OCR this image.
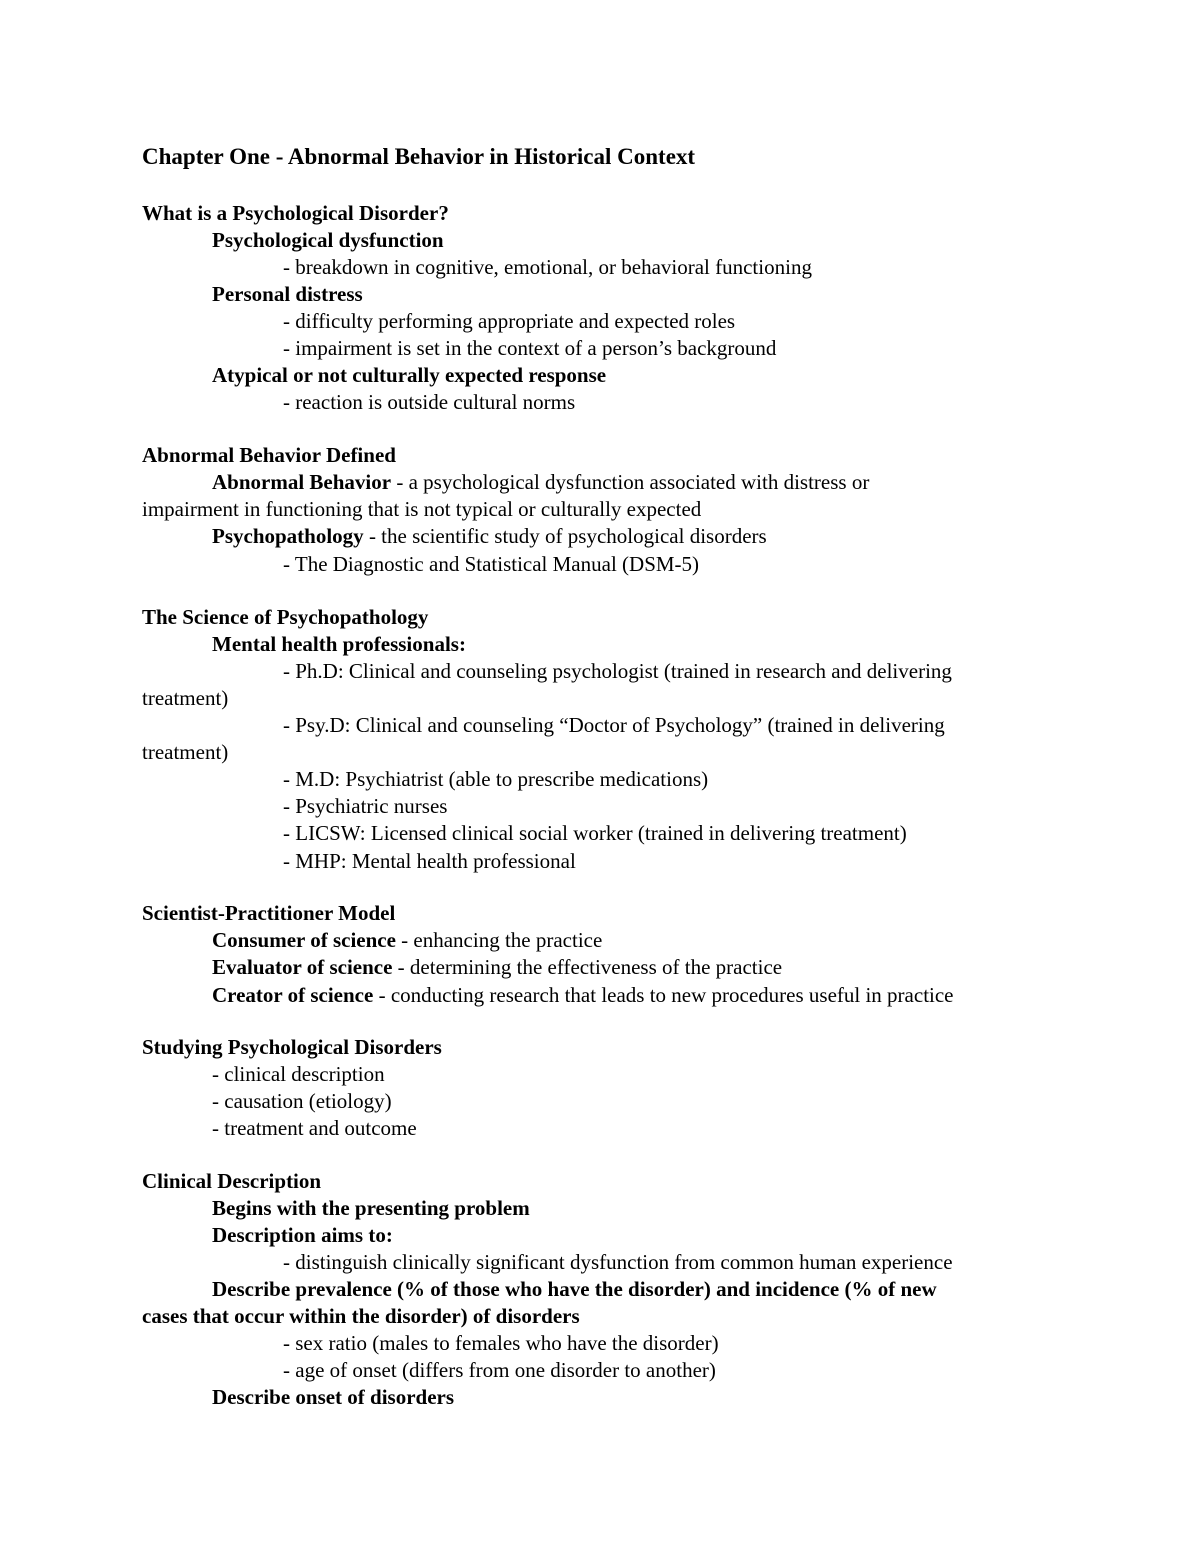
Chapter One - Abnormal Behavior in Historical Context
What is a Psychological Disorder?
Psychological dysfunction
- breakdown in cognitive, emotional, or behavioral functioning
Personal distress
- difficulty performing appropriate and expected roles
- impairment is set in the context of a person’s background
Atypical or not culturally expected response
- reaction is outside cultural norms
Abnormal Behavior Defined
Abnormal Behavior - a psychological dysfunction associated with distress or
impairment in functioning that is not typical or culturally expected
Psychopathology - the scientific study of psychological disorders
- The Diagnostic and Statistical Manual (DSM-5)
The Science of Psychopathology
Mental health professionals:
- Ph.D: Clinical and counseling psychologist (trained in research and delivering
treatment)
- Psy.D: Clinical and counseling “Doctor of Psychology” (trained in delivering
treatment)
- M.D: Psychiatrist (able to prescribe medications)
- Psychiatric nurses
- LICSW: Licensed clinical social worker (trained in delivering treatment)
- MHP: Mental health professional
Scientist-Practitioner Model
Consumer of science - enhancing the practice
Evaluator of science - determining the effectiveness of the practice
Creator of science - conducting research that leads to new procedures useful in practice
Studying Psychological Disorders
- clinical description
- causation (etiology)
- treatment and outcome
Clinical Description
Begins with the presenting problem
Description aims to:
- distinguish clinically significant dysfunction from common human experience
Describe prevalence (% of those who have the disorder) and incidence (% of new
cases that occur within the disorder) of disorders
- sex ratio (males to females who have the disorder)
- age of onset (differs from one disorder to another)
Describe onset of disorders
